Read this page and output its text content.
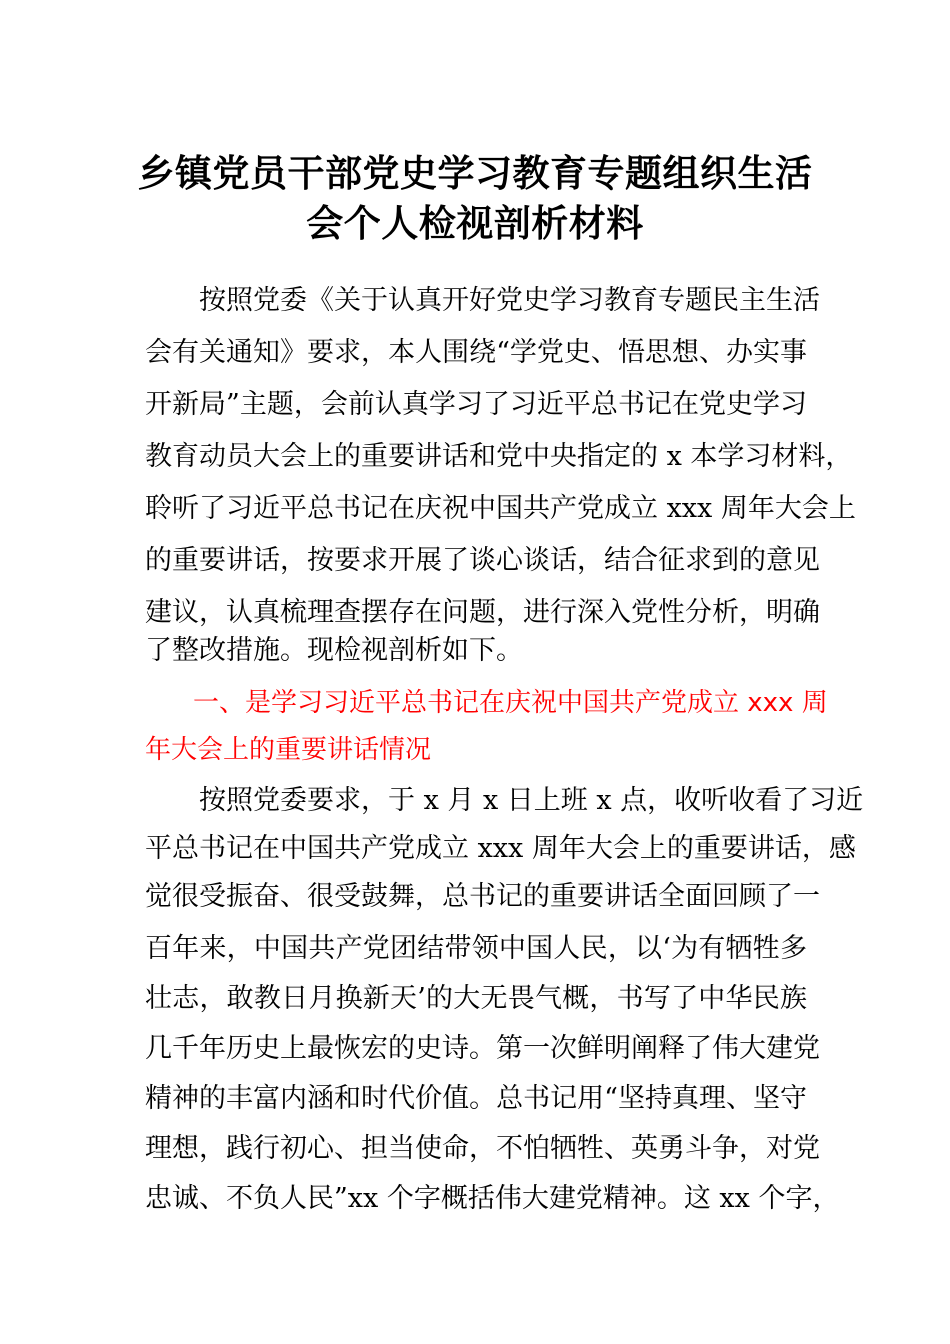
乡镇党员干部党史学习教育专题组织生活
会个人检视剖析材料

按照党委《关于认真开好党史学习教育专题民主生活

会有关通知》要求，本人围绕“学党史、悟思想、办实事

开新局”主题，会前认真学习了习近平总书记在党史学习

教育动员大会上的重要讲话和党中央指定的 x 本学习材料，

聆听了习近平总书记在庆祝中国共产党成立 xxx 周年大会上

的重要讲话，按要求开展了谈心谈话，结合征求到的意见

建议，认真梳理查摆存在问题，进行深入党性分析，明确

了整改措施。现检视剖析如下。

一、是学习习近平总书记在庆祝中国共产党成立 xxx 周

年大会上的重要讲话情况

按照党委要求，于 x 月 x 日上班 x 点，收听收看了习近

平总书记在中国共产党成立 xxx 周年大会上的重要讲话，感

觉很受振奋、很受鼓舞，总书记的重要讲话全面回顾了一

百年来，中国共产党团结带领中国人民，以‘为有牺牲多

壮志，敢教日月换新天’的大无畏气概，书写了中华民族

几千年历史上最恢宏的史诗。第一次鲜明阐释了伟大建党

精神的丰富内涵和时代价值。总书记用“坚持真理、坚守

理想，践行初心、担当使命，不怕牺牲、英勇斗争，对党

忠诚、不负人民”xx 个字概括伟大建党精神。这 xx 个字，
